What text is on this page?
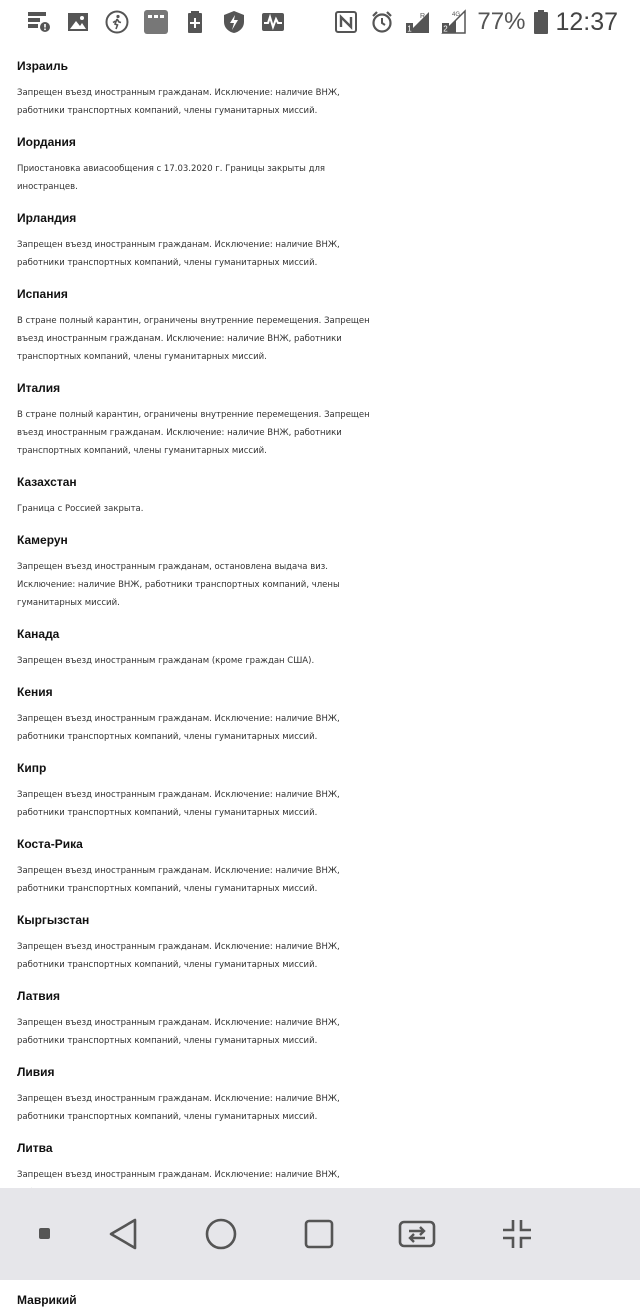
1
R
2
4G 77% 12:37
Израиль
Запрещен въезд иностранным гражданам. Исключение: наличие ВНЖ, работники транспортных компаний, члены гуманитарных миссий.
Иордания
Приостановка авиасообщения с 17.03.2020 г. Границы закрыты для иностранцев.
Ирландия
Запрещен въезд иностранным гражданам. Исключение: наличие ВНЖ, работники транспортных компаний, члены гуманитарных миссий.
Испания
В стране полный карантин, ограничены внутренние перемещения. Запрещен въезд иностранным гражданам. Исключение: наличие ВНЖ, работники транспортных компаний, члены гуманитарных миссий.
Италия
В стране полный карантин, ограничены внутренние перемещения. Запрещен въезд иностранным гражданам. Исключение: наличие ВНЖ, работники транспортных компаний, члены гуманитарных миссий.
Казахстан
Граница с Россией закрыта.
Камерун
Запрещен въезд иностранным гражданам, остановлена выдача виз. Исключение: наличие ВНЖ, работники транспортных компаний, члены гуманитарных миссий.
Канада
Запрещен въезд иностранным гражданам (кроме граждан США).
Кения
Запрещен въезд иностранным гражданам. Исключение: наличие ВНЖ, работники транспортных компаний, члены гуманитарных миссий.
Кипр
Запрещен въезд иностранным гражданам. Исключение: наличие ВНЖ, работники транспортных компаний, члены гуманитарных миссий.
Коста-Рика
Запрещен въезд иностранным гражданам. Исключение: наличие ВНЖ, работники транспортных компаний, члены гуманитарных миссий.
Кыргызстан
Запрещен въезд иностранным гражданам. Исключение: наличие ВНЖ, работники транспортных компаний, члены гуманитарных миссий.
Латвия
Запрещен въезд иностранным гражданам. Исключение: наличие ВНЖ, работники транспортных компаний, члены гуманитарных миссий.
Ливия
Запрещен въезд иностранным гражданам. Исключение: наличие ВНЖ, работники транспортных компаний, члены гуманитарных миссий.
Литва
Запрещен въезд иностранным гражданам. Исключение: наличие ВНЖ,
Маврикий
